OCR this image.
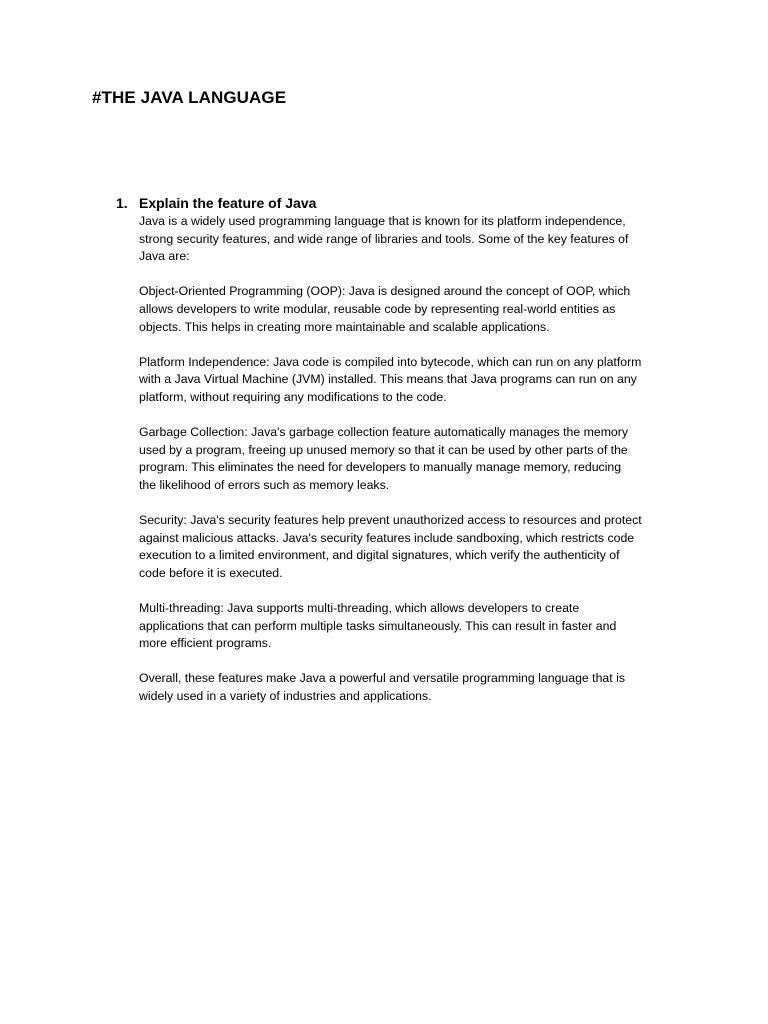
#THE JAVA LANGUAGE
1. Explain the feature of Java

Java is a widely used programming language that is known for its platform independence,
strong security features, and wide range of libraries and tools. Some of the key features of
Java are:

Object-Oriented Programming (OOP): Java is designed around the concept of OOP, which
allows developers to write modular, reusable code by representing real-world entities as
objects. This helps in creating more maintainable and scalable applications.

Platform Independence: Java code is compiled into bytecode, which can run on any platform
with a Java Virtual Machine (JVM) installed. This means that Java programs can run on any
platform, without requiring any modifications to the code.

Garbage Collection: Java's garbage collection feature automatically manages the memory
used by a program, freeing up unused memory so that it can be used by other parts of the
program. This eliminates the need for developers to manually manage memory, reducing
the likelihood of errors such as memory leaks.

Security: Java's security features help prevent unauthorized access to resources and protect
against malicious attacks. Java's security features include sandboxing, which restricts code
execution to a limited environment, and digital signatures, which verify the authenticity of
code before it is executed.

Multi-threading: Java supports multi-threading, which allows developers to create
applications that can perform multiple tasks simultaneously. This can result in faster and
more efficient programs.

Overall, these features make Java a powerful and versatile programming language that is
widely used in a variety of industries and applications.
